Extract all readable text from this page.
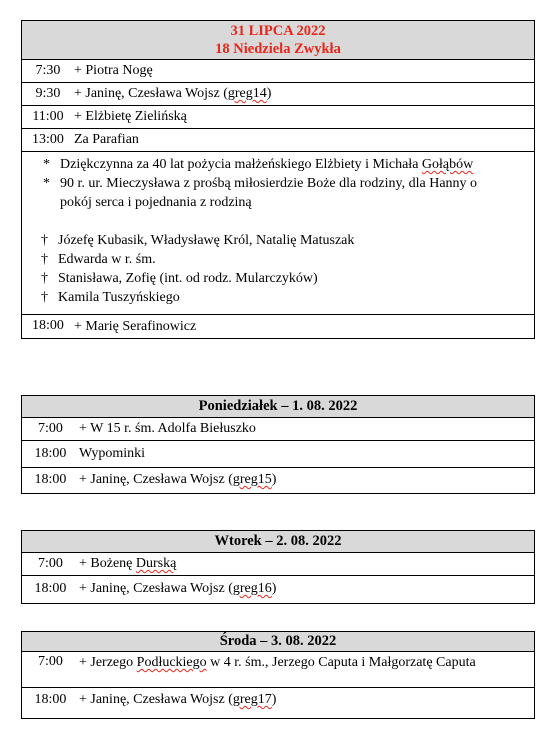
31 LIPCA 2022
18 Niedziela Zwykła
7:30 + Piotra Nogę
9:30 + Janinę, Czesława Wojsz (greg14)
11:00 + Elżbietę Zielińską
13:00 Za Parafian
* Dziękczynna za 40 lat pożycia małżeńskiego Elżbiety i Michała Gołąbów
* 90 r. ur. Mieczysława z prośbą miłosierdzie Boże dla rodziny, dla Hanny o pokój serca i pojednania z rodziną
† Józefę Kubasik, Władysławę Król, Natalię Matuszak
† Edwarda w r. śm.
† Stanisława, Zofię (int. od rodz. Mularczyków)
† Kamila Tuszyńskiego
18:00 + Marię Serafinowicz
Poniedziałek – 1. 08. 2022
7:00	+ W 15 r. śm. Adolfa Biełuszko
18:00 Wypominki
18:00 + Janinę, Czesława Wojsz (greg15)
Wtorek – 2. 08. 2022
7:00	+ Bożenę Durską
18:00 + Janinę, Czesława Wojsz (greg16)
Środa – 3. 08. 2022
7:00	+ Jerzego Podłuckiego w 4 r. śm., Jerzego Caputa i Małgorzatę Caputa
18:00 + Janinę, Czesława Wojsz (greg17)
